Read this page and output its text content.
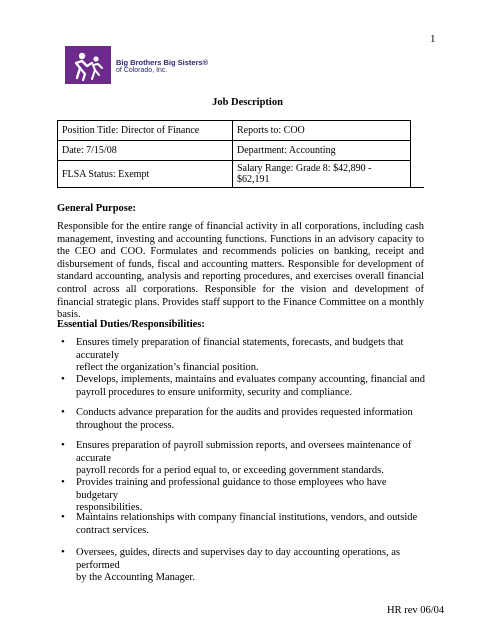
1
Big Brothers Big Sisters®
of Colorado, Inc.
Job Description
Position Title: Director of Finance	Reports to: COO
Date: 7/15/08	Department: Accounting
FLSA Status: Exempt	Salary Range: Grade 8: $42,890 - $62,191
General Purpose:
Responsible for the entire range of financial activity in all corporations, including cash management, investing and accounting functions. Functions in an advisory capacity to the CEO and COO. Formulates and recommends policies on banking, receipt and disbursement of funds, fiscal and accounting matters. Responsible for development of standard accounting, analysis and reporting procedures, and exercises overall financial control across all corporations. Responsible for the vision and development of financial strategic plans. Provides staff support to the Finance Committee on a monthly basis.
Essential Duties/Responsibilities:
• Ensures timely preparation of financial statements, forecasts, and budgets that accurately
reflect the organization’s financial position.
• Develops, implements, maintains and evaluates company accounting, financial and
payroll procedures to ensure uniformity, security and compliance.
• Conducts advance preparation for the audits and provides requested information
throughout the process.
• Ensures preparation of payroll submission reports, and oversees maintenance of accurate
payroll records for a period equal to, or exceeding government standards.
• Provides training and professional guidance to those employees who have budgetary
responsibilities.
• Maintains relationships with company financial institutions, vendors, and outside
contract services.
• Oversees, guides, directs and supervises day to day accounting operations, as performed
by the Accounting Manager.
HR rev 06/04
